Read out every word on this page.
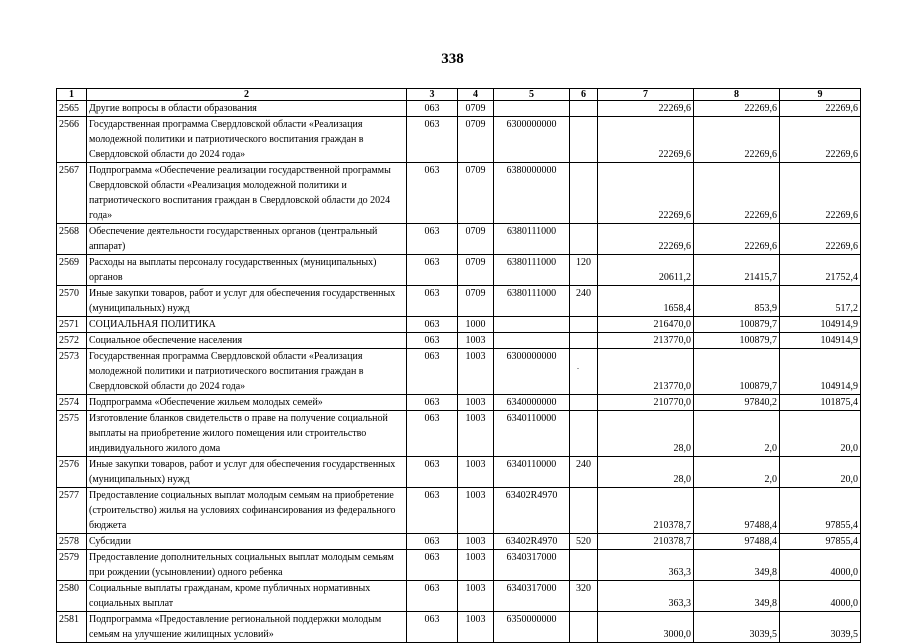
338
1	2	3	4	5	6	7	8	9
2565	Другие вопросы в области образования	063	0709			22269,6	22269,6	22269,6
2566	Государственная программа Свердловской области «Реализация молодежной политики и патриотического воспитания граждан в Свердловской области до 2024 года»	063	0709	6300000000		22269,6	22269,6	22269,6
2567	Подпрограмма «Обеспечение реализации государственной программы Свердловской области «Реализация молодежной политики и патриотического воспитания граждан в Свердловской области до 2024 года»	063	0709	6380000000		22269,6	22269,6	22269,6
2568	Обеспечение деятельности государственных органов (центральный аппарат)	063	0709	6380111000		22269,6	22269,6	22269,6
2569	Расходы на выплаты персоналу государственных (муниципальных) органов	063	0709	6380111000	120	20611,2	21415,7	21752,4
2570	Иные закупки товаров, работ и услуг для обеспечения государственных (муниципальных) нужд	063	0709	6380111000	240	1658,4	853,9	517,2
2571	СОЦИАЛЬНАЯ ПОЛИТИКА	063	1000			216470,0	100879,7	104914,9
2572	Социальное обеспечение населения	063	1003			213770,0	100879,7	104914,9
2573	Государственная программа Свердловской области «Реализация молодежной политики и патриотического воспитания граждан в Свердловской области до 2024 года»	063	1003	6300000000		213770,0	100879,7	104914,9
2574	Подпрограмма «Обеспечение жильем молодых семей»	063	1003	6340000000		210770,0	97840,2	101875,4
2575	Изготовление бланков свидетельств о праве на получение социальной выплаты на приобретение жилого помещения или строительство индивидуального жилого дома	063	1003	6340110000		28,0	2,0	20,0
2576	Иные закупки товаров, работ и услуг для обеспечения государственных (муниципальных) нужд	063	1003	6340110000	240	28,0	2,0	20,0
2577	Предоставление социальных выплат молодым семьям на приобретение (строительство) жилья на условиях софинансирования из федерального бюджета	063	1003	63402R4970		210378,7	97488,4	97855,4
2578	Субсидии	063	1003	63402R4970	520	210378,7	97488,4	97855,4
2579	Предоставление дополнительных социальных выплат молодым семьям при рождении (усыновлении) одного ребенка	063	1003	6340317000		363,3	349,8	4000,0
2580	Социальные выплаты гражданам, кроме публичных нормативных социальных выплат	063	1003	6340317000	320	363,3	349,8	4000,0
2581	Подпрограмма «Предоставление региональной поддержки молодым семьям на улучшение жилищных условий»	063	1003	6350000000		3000,0	3039,5	3039,5
.
